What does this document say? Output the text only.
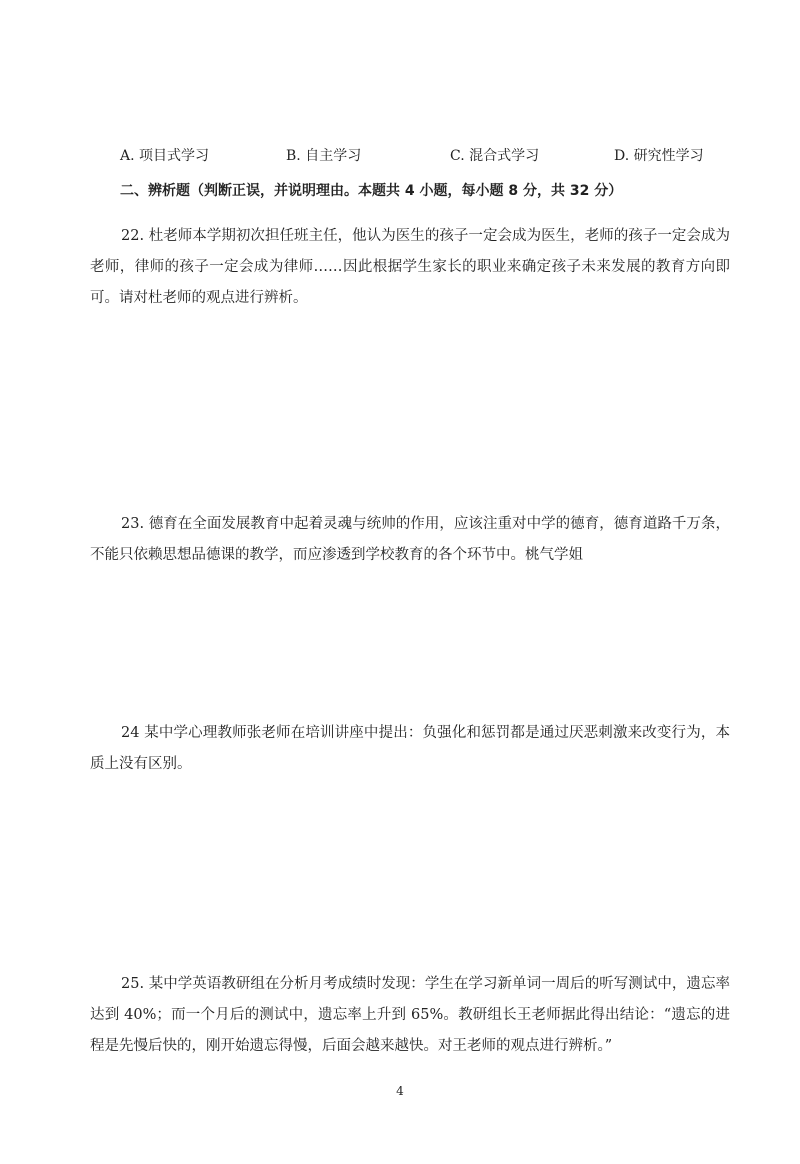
A. 项目式学习	B. 自主学习	C. 混合式学习	D. 研究性学习
二、辨析题（判断正误，并说明理由。本题共 4 小题，每小题 8 分，共 32 分）

22. 杜老师本学期初次担任班主任，他认为医生的孩子一定会成为医生，老师的孩子一定会成为老师，律师的孩子一定会成为律师……因此根据学生家长的职业来确定孩子未来发展的教育方向即可。请对杜老师的观点进行辨析。

23. 德育在全面发展教育中起着灵魂与统帅的作用，应该注重对中学的德育，德育道路千万条，不能只依赖思想品德课的教学，而应渗透到学校教育的各个环节中。桃气学姐

24 某中学心理教师张老师在培训讲座中提出：负强化和惩罚都是通过厌恶刺激来改变行为，本质上没有区别。

25. 某中学英语教研组在分析月考成绩时发现：学生在学习新单词一周后的听写测试中，遗忘率达到 40%；而一个月后的测试中，遗忘率上升到 65%。教研组长王老师据此得出结论：“遗忘的进程是先慢后快的，刚开始遗忘得慢，后面会越来越快。对王老师的观点进行辨析。”

4
